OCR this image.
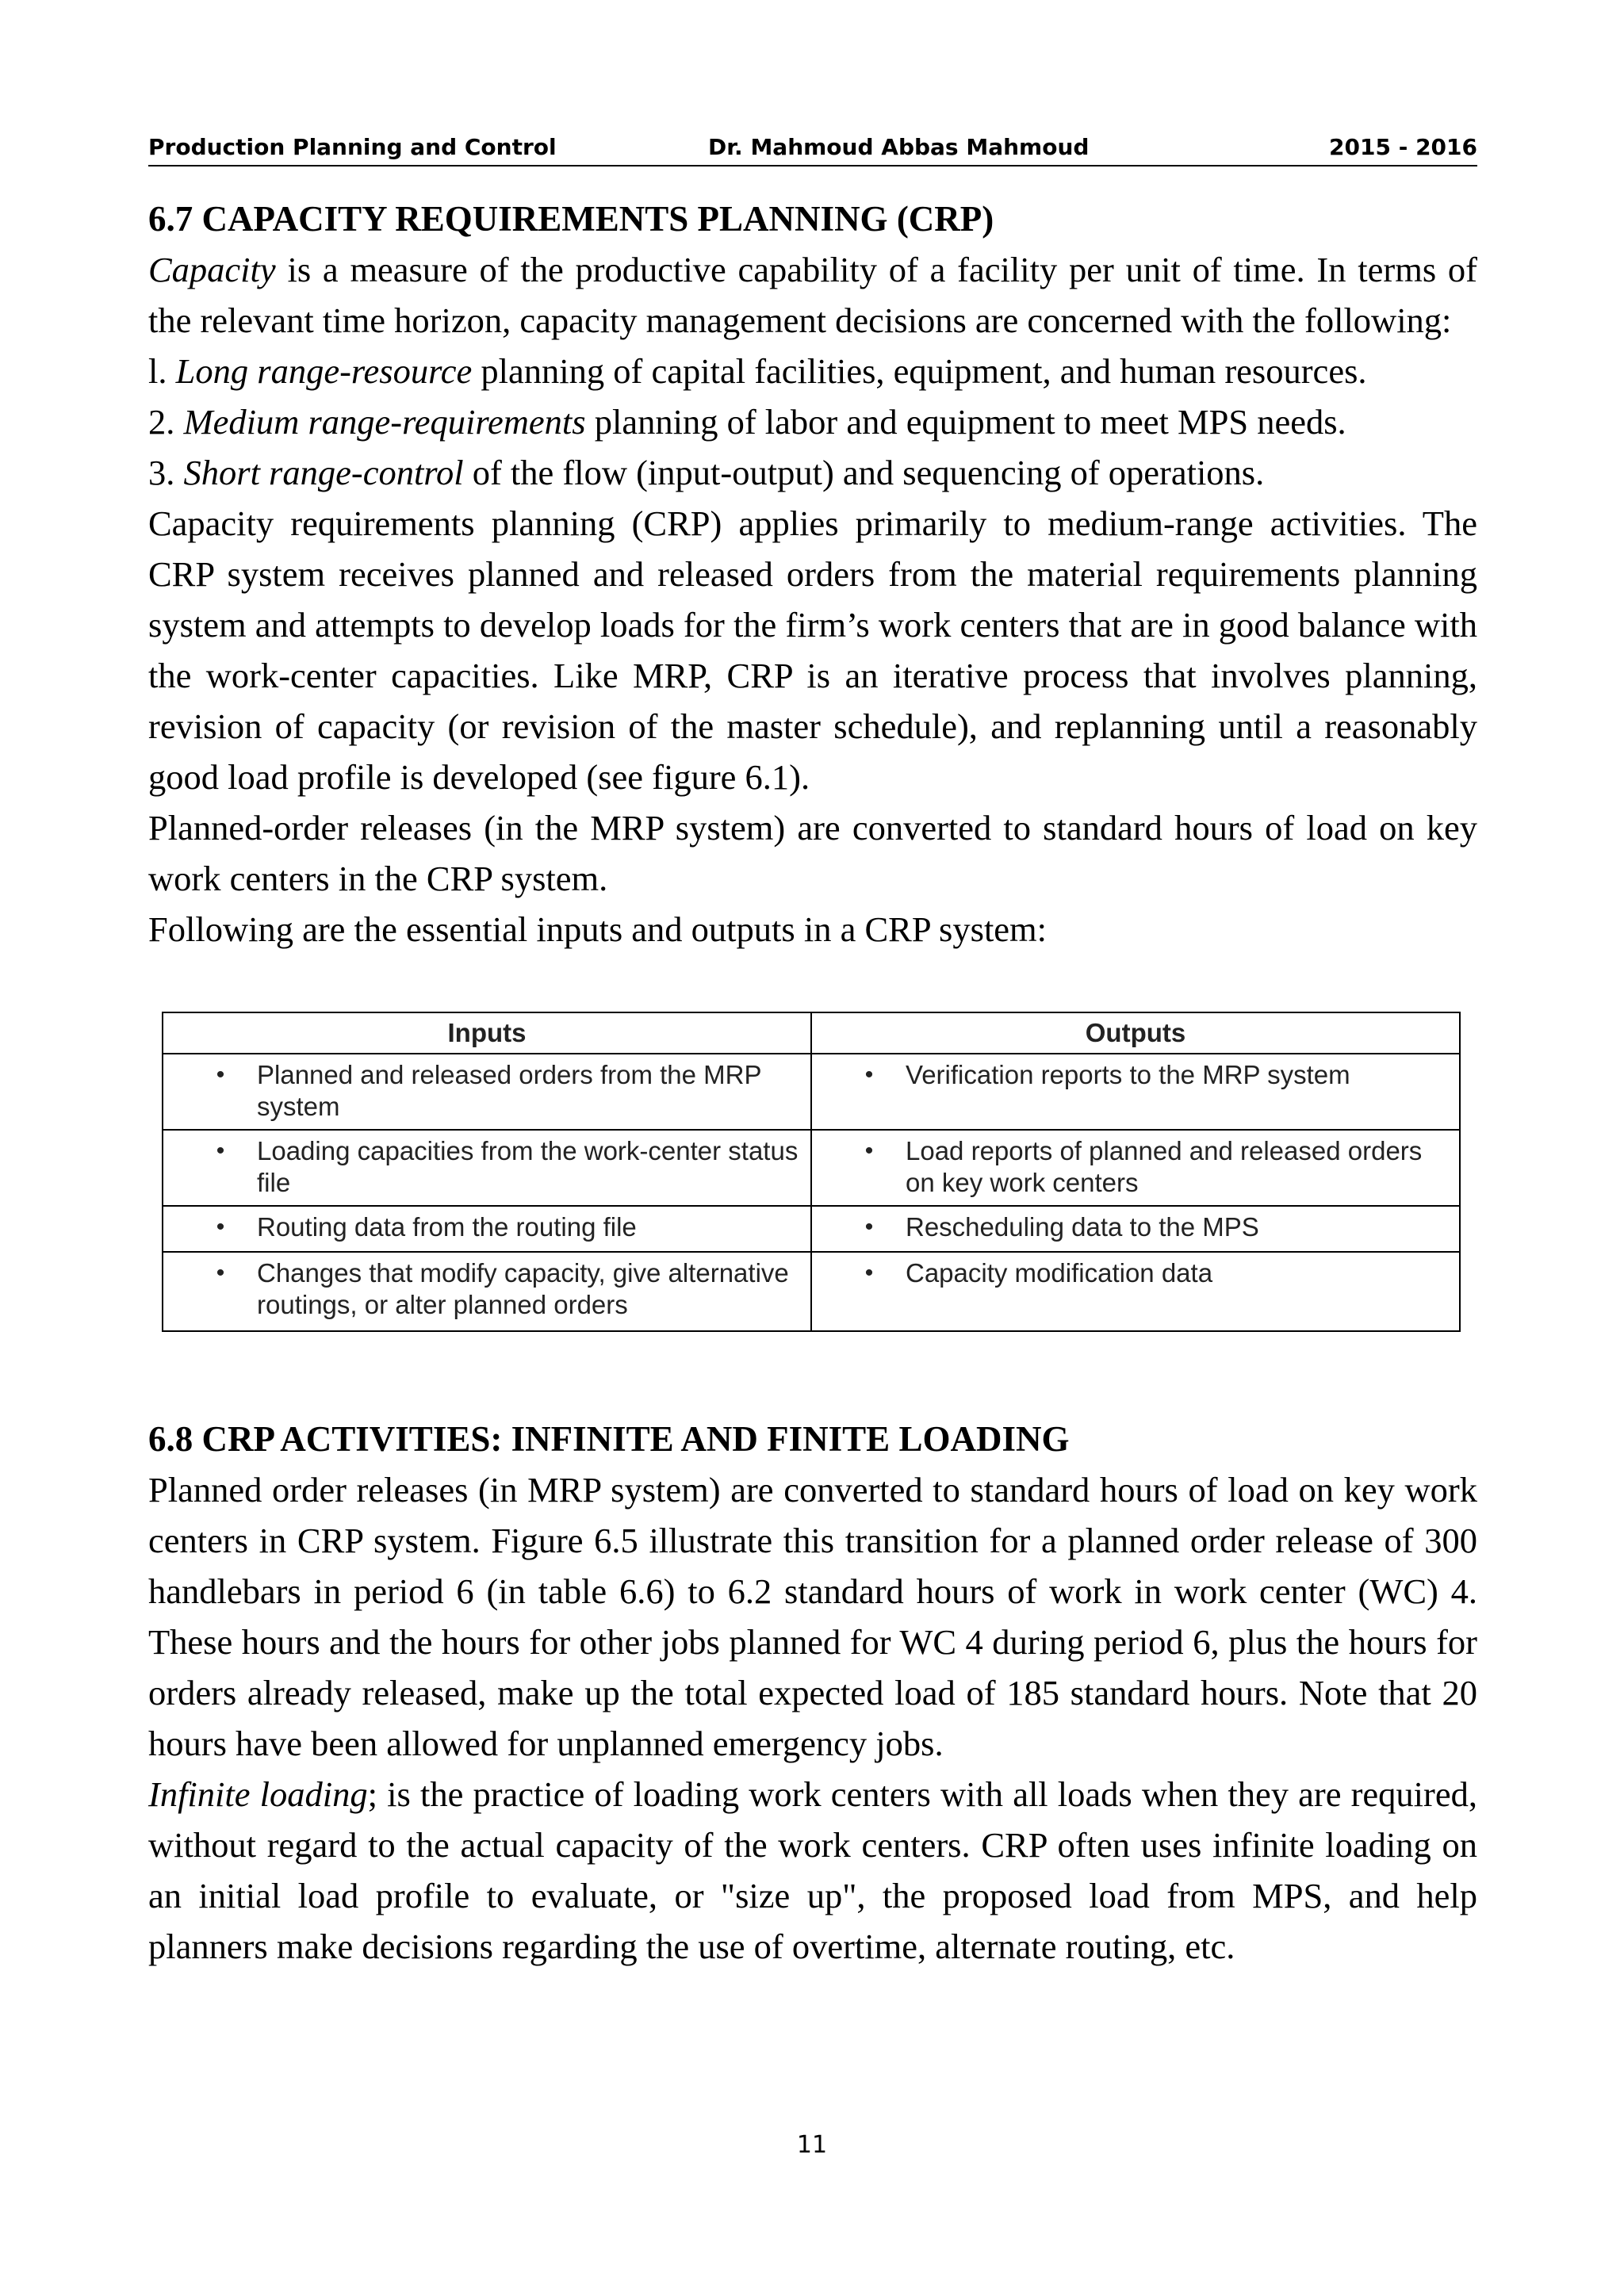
Production Planning and Control	Dr. Mahmoud Abbas Mahmoud	2015 - 2016
6.7 CAPACITY REQUIREMENTS PLANNING (CRP)

Capacity is a measure of the productive capability of a facility per unit of time. In terms of the relevant time horizon, capacity management decisions are concerned with the following:

l. Long range-resource planning of capital facilities, equipment, and human resources.

2. Medium range-requirements planning of labor and equipment to meet MPS needs.

3. Short range-control of the flow (input-output) and sequencing of operations.

Capacity requirements planning (CRP) applies primarily to medium-range activities. The CRP system receives planned and released orders from the material requirements planning system and attempts to develop loads for the firm’s work centers that are in good balance with the work-center capacities. Like MRP, CRP is an iterative process that involves planning, revision of capacity (or revision of the master schedule), and replanning until a reasonably good load profile is developed (see figure 6.1).

Planned-order releases (in the MRP system) are converted to standard hours of load on key work centers in the CRP system.

Following are the essential inputs and outputs in a CRP system:

Inputs	Outputs

• Planned and released orders from the MRP system	• Verification reports to the MRP system

• Loading capacities from the work-center status file	• Load reports of planned and released orders on key work centers

• Routing data from the routing file	• Rescheduling data to the MPS

• Changes that modify capacity, give alternative routings, or alter planned orders	• Capacity modification data
6.8 CRP ACTIVITIES: INFINITE AND FINITE LOADING

Planned order releases (in MRP system) are converted to standard hours of load on key work centers in CRP system. Figure 6.5 illustrate this transition for a planned order release of 300 handlebars in period 6 (in table 6.6) to 6.2 standard hours of work in work center (WC) 4. These hours and the hours for other jobs planned for WC 4 during period 6, plus the hours for orders already released, make up the total expected load of 185 standard hours. Note that 20 hours have been allowed for unplanned emergency jobs.

Infinite loading; is the practice of loading work centers with all loads when they are required, without regard to the actual capacity of the work centers. CRP often uses infinite loading on an initial load profile to evaluate, or "size up", the proposed load from MPS, and help planners make decisions regarding the use of overtime, alternate routing, etc.

11
